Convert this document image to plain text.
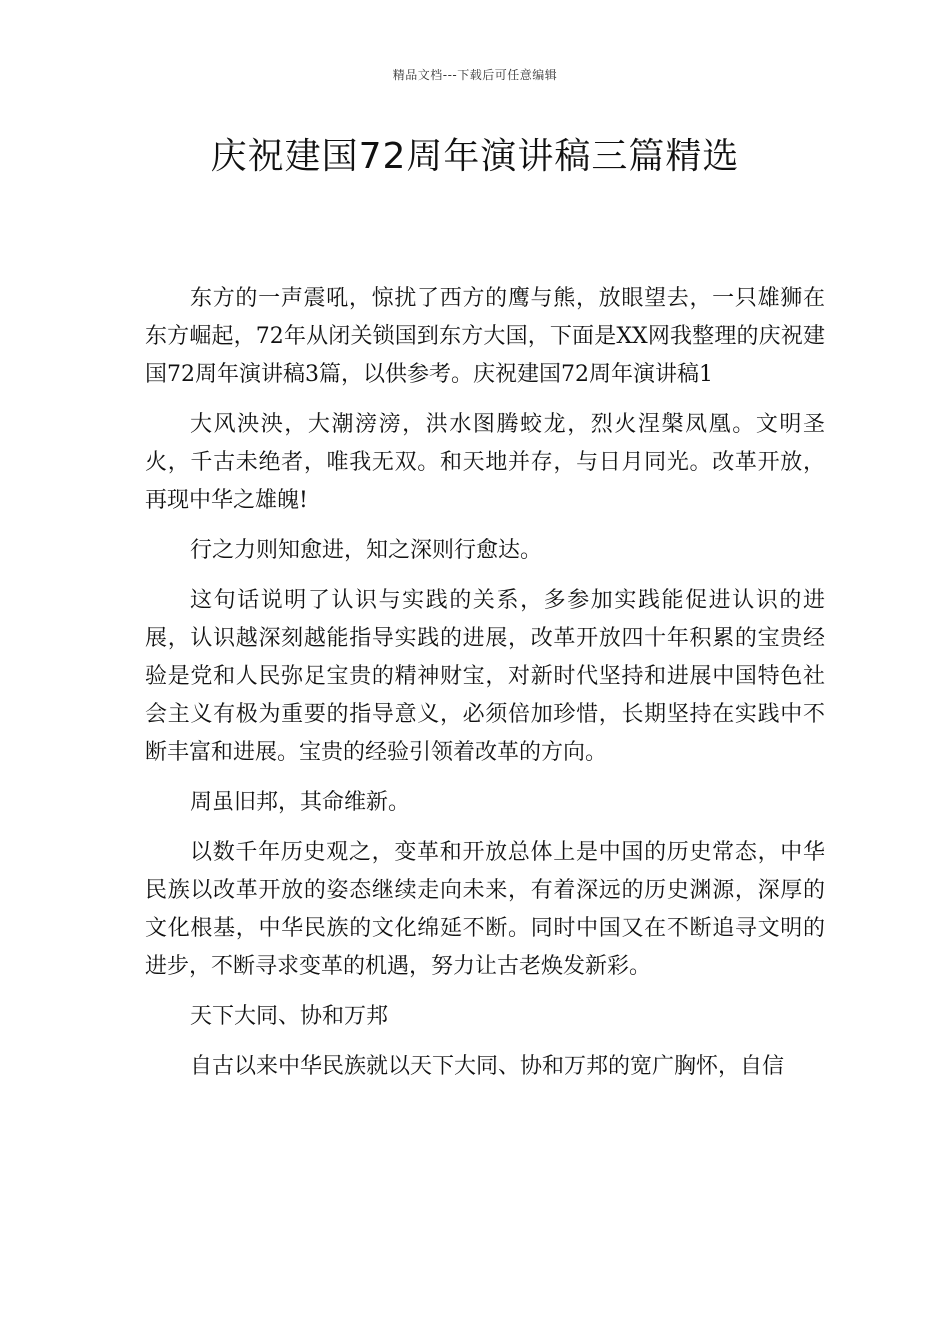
精品文档---下载后可任意编辑
庆祝建国72周年演讲稿三篇精选

东方的一声震吼，惊扰了西方的鹰与熊，放眼望去，一只雄狮在东方崛起，72年从闭关锁国到东方大国，下面是XX网我整理的庆祝建国72周年演讲稿3篇，以供参考。庆祝建国72周年演讲稿1

大风泱泱，大潮滂滂，洪水图腾蛟龙，烈火涅槃凤凰。文明圣火，千古未绝者，唯我无双。和天地并存，与日月同光。改革开放，再现中华之雄魄!

行之力则知愈进，知之深则行愈达。

这句话说明了认识与实践的关系，多参加实践能促进认识的进展，认识越深刻越能指导实践的进展，改革开放四十年积累的宝贵经验是党和人民弥足宝贵的精神财宝，对新时代坚持和进展中国特色社会主义有极为重要的指导意义，必须倍加珍惜，长期坚持在实践中不断丰富和进展。宝贵的经验引领着改革的方向。

周虽旧邦，其命维新。

以数千年历史观之，变革和开放总体上是中国的历史常态，中华民族以改革开放的姿态继续走向未来，有着深远的历史渊源，深厚的文化根基，中华民族的文化绵延不断。同时中国又在不断追寻文明的进步，不断寻求变革的机遇，努力让古老焕发新彩。

天下大同、协和万邦

自古以来中华民族就以天下大同、协和万邦的宽广胸怀，自信
